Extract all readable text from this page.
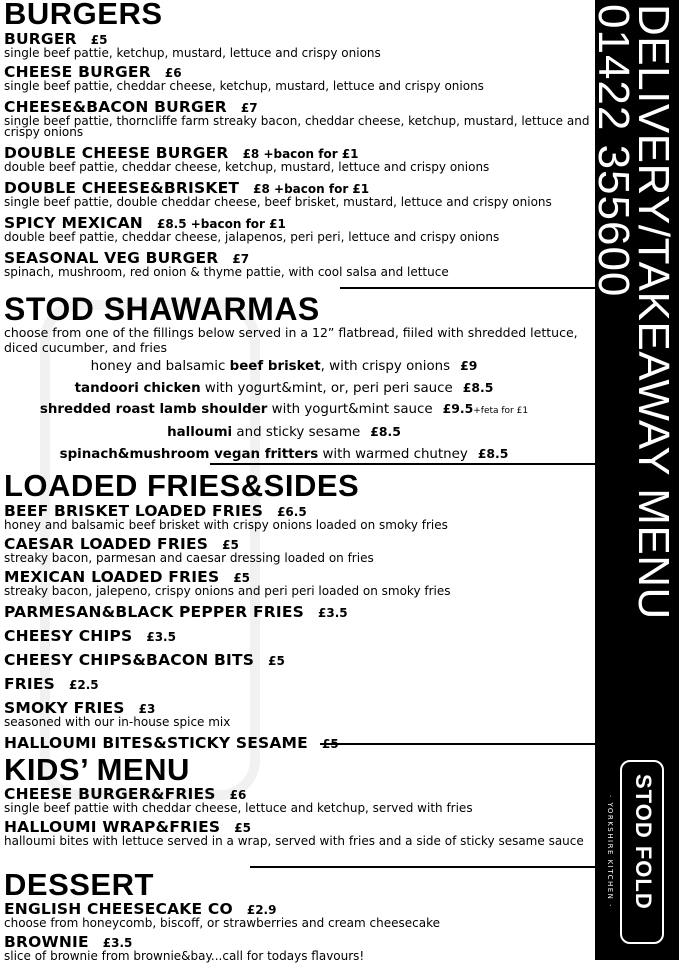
BURGERS
BURGER £5
single beef pattie, ketchup, mustard, lettuce and crispy onions
CHEESE BURGER £6
single beef pattie, cheddar cheese, ketchup, mustard, lettuce and crispy onions
CHEESE&BACON BURGER £7
single beef pattie, thorncliffe farm streaky bacon, cheddar cheese, ketchup, mustard, lettuce and crispy onions
DOUBLE CHEESE BURGER £8 +bacon for £1
double beef pattie, cheddar cheese, ketchup, mustard, lettuce and crispy onions
DOUBLE CHEESE&BRISKET £8 +bacon for £1
single beef pattie, double cheddar cheese, beef brisket, mustard, lettuce and crispy onions
SPICY MEXICAN £8.5 +bacon for £1
double beef pattie, cheddar cheese, jalapenos, peri peri, lettuce and crispy onions
SEASONAL VEG BURGER £7
spinach, mushroom, red onion & thyme pattie, with cool salsa and lettuce
STOD SHAWARMAS
choose from one of the fillings below served in a 12” flatbread, fiiled with shredded lettuce, diced cucumber, and fries
honey and balsamic beef brisket, with crispy onions £9
tandoori chicken with yogurt&mint, or, peri peri sauce £8.5
shredded roast lamb shoulder with yogurt&mint sauce £9.5+feta for £1
halloumi and sticky sesame £8.5
spinach&mushroom vegan fritters with warmed chutney £8.5
LOADED FRIES&SIDES
BEEF BRISKET LOADED FRIES £6.5
honey and balsamic beef brisket with crispy onions loaded on smoky fries
CAESAR LOADED FRIES £5
streaky bacon, parmesan and caesar dressing loaded on fries
MEXICAN LOADED FRIES £5
streaky bacon, jalepeno, crispy onions and peri peri loaded on smoky fries
PARMESAN&BLACK PEPPER FRIES £3.5
CHEESY CHIPS £3.5
CHEESY CHIPS&BACON BITS £5
FRIES £2.5
SMOKY FRIES £3
seasoned with our in-house spice mix
HALLOUMI BITES&STICKY SESAME
KIDS’ MENU
CHEESE BURGER&FRIES £6
single beef pattie with cheddar cheese, lettuce and ketchup, served with fries
HALLOUMI WRAP&FRIES £5
halloumi bites with lettuce served in a wrap, served with fries and a side of sticky sesame sauce
DESSERT
ENGLISH CHEESECAKE CO £2.9
choose from honeycomb, biscoff, or strawberries and cream cheesecake
BROWNIE £3.5
slice of brownie from brownie&bay...call for todays flavours!
DELIVERY/TAKEAWAY MENU
01422 355600
STOD FOLD
· YORKSHIRE KITCHEN ·
